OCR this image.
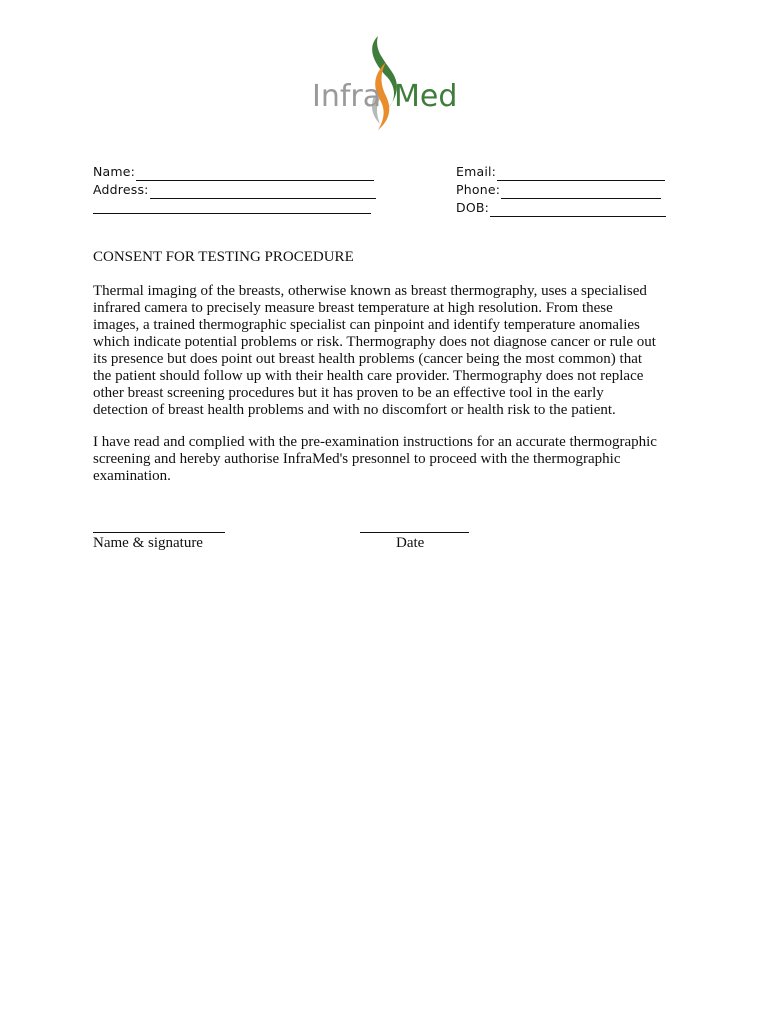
Infra Med
Name:
Address:
Email:
Phone:
DOB:
CONSENT FOR TESTING PROCEDURE

Thermal imaging of the breasts, otherwise known as breast thermography, uses a specialised
infrared camera to precisely measure breast temperature at high resolution. From these
images, a trained thermographic specialist can pinpoint and identify temperature anomalies
which indicate potential problems or risk. Thermography does not diagnose cancer or rule out
its presence but does point out breast health problems (cancer being the most common) that
the patient should follow up with their health care provider. Thermography does not replace
other breast screening procedures but it has proven to be an effective tool in the early
detection of breast health problems and with no discomfort or health risk to the patient.

I have read and complied with the pre-examination instructions for an accurate thermographic
screening and hereby authorise InfraMed's presonnel to proceed with the thermographic
examination.

Name & signature	Date
